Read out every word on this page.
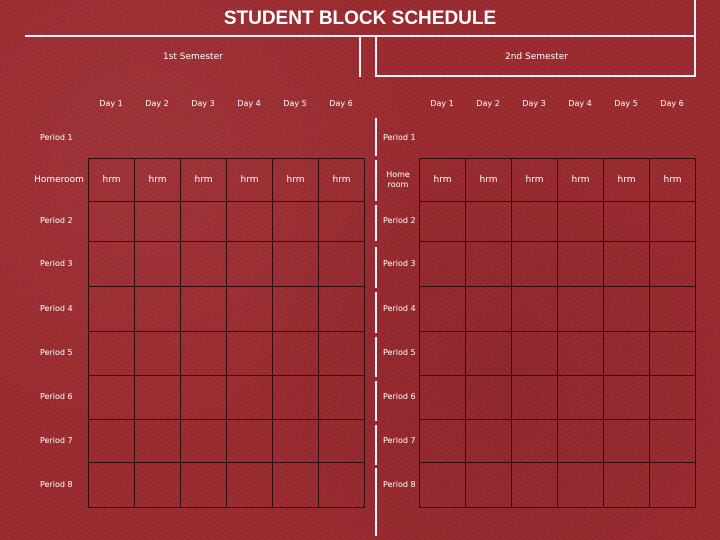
STUDENT BLOCK SCHEDULE
1st Semester	2nd Semester
Day 1	Day 2	Day 3	Day 4	Day 5	Day 6	Day 1	Day 2	Day 3	Day 4	Day 5	Day 6
Period 1
Homeroom	hrm	hrm	hrm	hrm	hrm	hrm
Period 2
Period 3
Period 4
Period 5
Period 6
Period 7
Period 8
Period 1
Home room	hrm	hrm	hrm	hrm	hrm	hrm
Period 2
Period 3
Period 4
Period 5
Period 6
Period 7
Period 8
